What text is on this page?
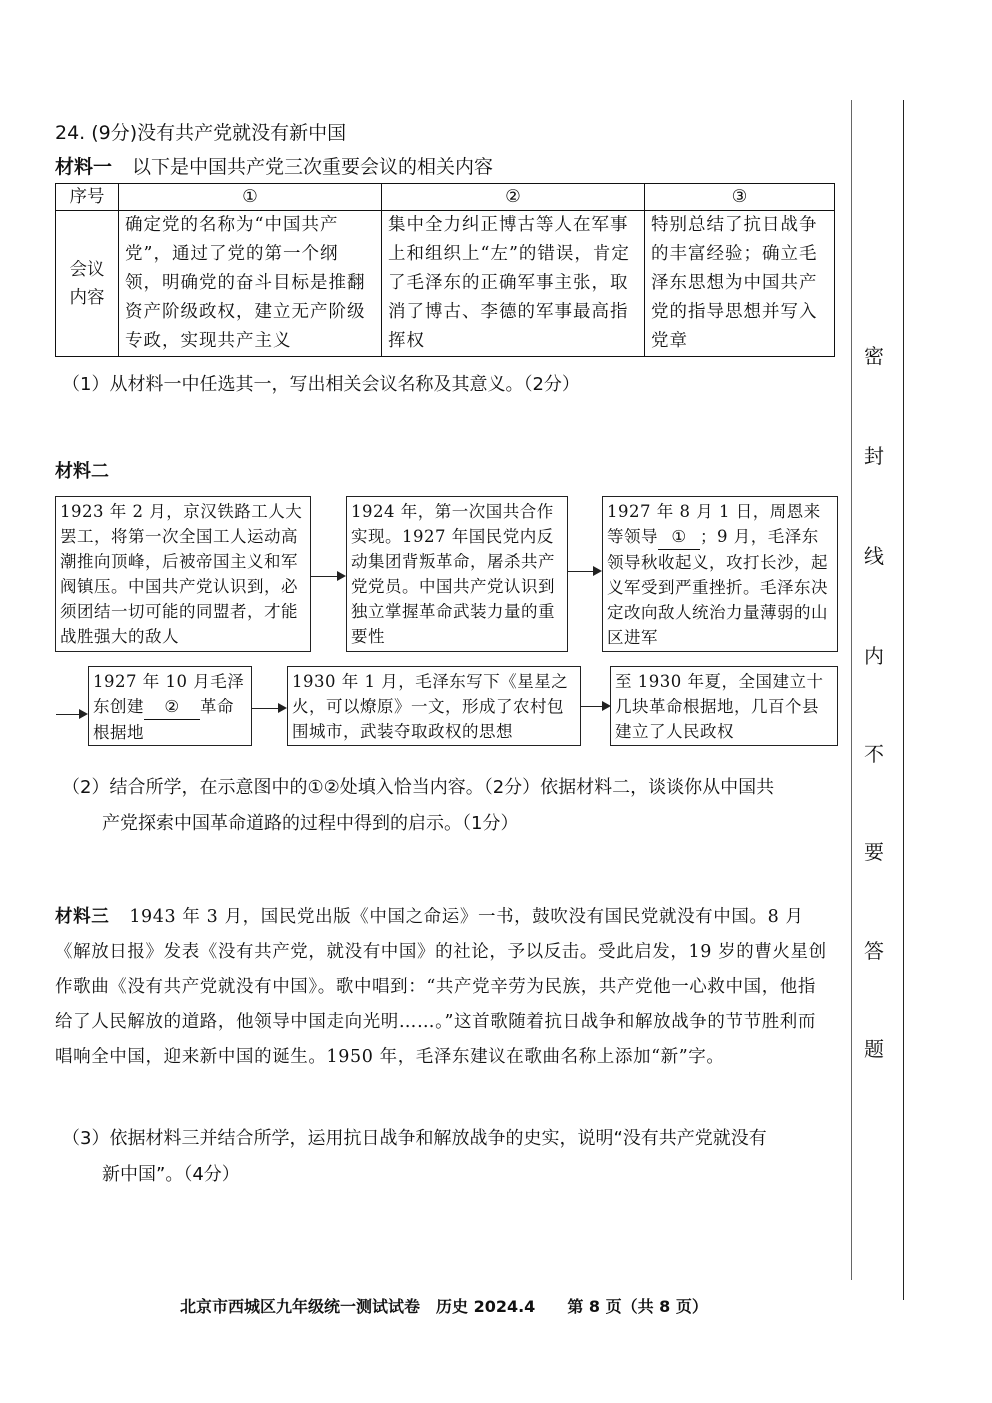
24. (9分)没有共产党就没有新中国
材料一 以下是中国共产党三次重要会议的相关内容
序号	①	②	③
会议内容	确定党的名称为“中国共产党”，通过了党的第一个纲领，明确党的奋斗目标是推翻资产阶级政权，建立无产阶级专政，实现共产主义	集中全力纠正博古等人在军事上和组织上“左”的错误，肯定了毛泽东的正确军事主张，取消了博古、李德的军事最高指挥权	特别总结了抗日战争的丰富经验；确立毛泽东思想为中国共产党的指导思想并写入党章
（1）从材料一中任选其一，写出相关会议名称及其意义。（2分）
材料二
1923 年 2 月，京汉铁路工人大罢工，将第一次全国工人运动高潮推向顶峰，后被帝国主义和军阀镇压。中国共产党认识到，必须团结一切可能的同盟者，才能战胜强大的敌人
1924 年，第一次国共合作实现。1927 年国民党内反动集团背叛革命，屠杀共产党党员。中国共产党认识到独立掌握革命武装力量的重要性
1927 年 8 月 1 日，周恩来等领导 ① ；9 月，毛泽东领导秋收起义，攻打长沙，起义军受到严重挫折。毛泽东决定改向敌人统治力量薄弱的山区进军
1927 年 10 月毛泽东创建 ② 革命根据地
1930 年 1 月，毛泽东写下《星星之火，可以燎原》一文，形成了农村包围城市，武装夺取政权的思想
至 1930 年夏，全国建立十几块革命根据地，几百个县建立了人民政权
（2）结合所学，在示意图中的①②处填入恰当内容。（2分）依据材料二，谈谈你从中国共
产党探索中国革命道路的过程中得到的启示。（1分）
材料三 1943 年 3 月，国民党出版《中国之命运》一书，鼓吹没有国民党就没有中国。8 月《解放日报》发表《没有共产党，就没有中国》的社论，予以反击。受此启发，19 岁的曹火星创作歌曲《没有共产党就没有中国》。歌中唱到：“共产党辛劳为民族，共产党他一心救中国，他指给了人民解放的道路，他领导中国走向光明……。”这首歌随着抗日战争和解放战争的节节胜利而唱响全中国，迎来新中国的诞生。1950 年，毛泽东建议在歌曲名称上添加“新”字。
（3）依据材料三并结合所学，运用抗日战争和解放战争的史实，说明“没有共产党就没有
新中国”。（4分）
北京市西城区九年级统一测试试卷　历史 2024.4　　第 8 页（共 8 页）
密
封
线
内
不
要
答
题
